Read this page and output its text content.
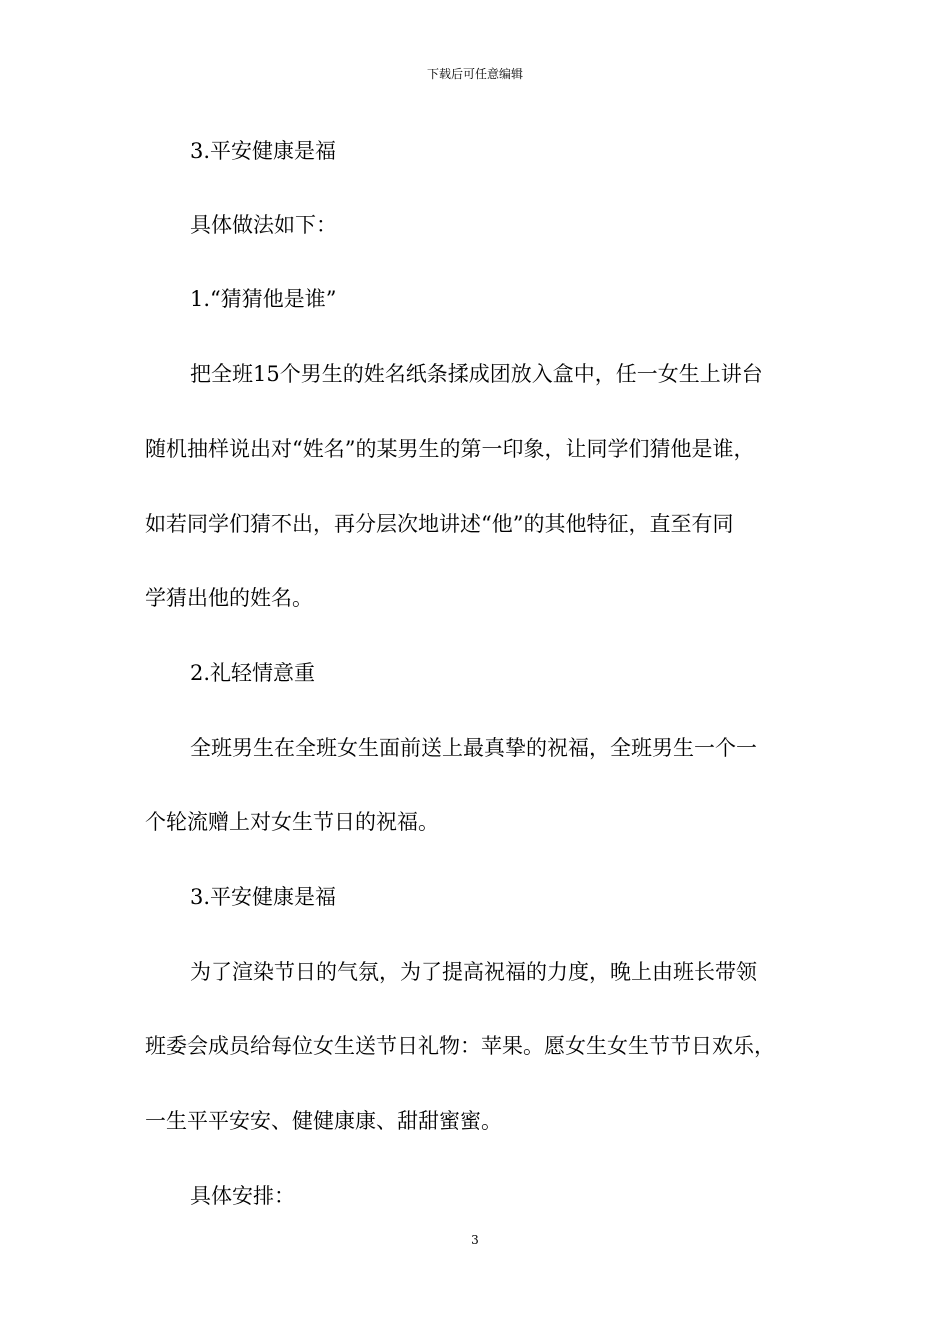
下载后可任意编辑
3.平安健康是福
具体做法如下：
1.“猜猜他是谁”
把全班15个男生的姓名纸条揉成团放入盒中，任一女生上讲台
随机抽样说出对“姓名”的某男生的第一印象，让同学们猜他是谁，
如若同学们猜不出，再分层次地讲述“他”的其他特征，直至有同
学猜出他的姓名。
2.礼轻情意重
全班男生在全班女生面前送上最真挚的祝福，全班男生一个一
个轮流赠上对女生节日的祝福。
3.平安健康是福
为了渲染节日的气氛，为了提高祝福的力度，晚上由班长带领
班委会成员给每位女生送节日礼物：苹果。愿女生女生节节日欢乐，
一生平平安安、健健康康、甜甜蜜蜜。
具体安排：
3
